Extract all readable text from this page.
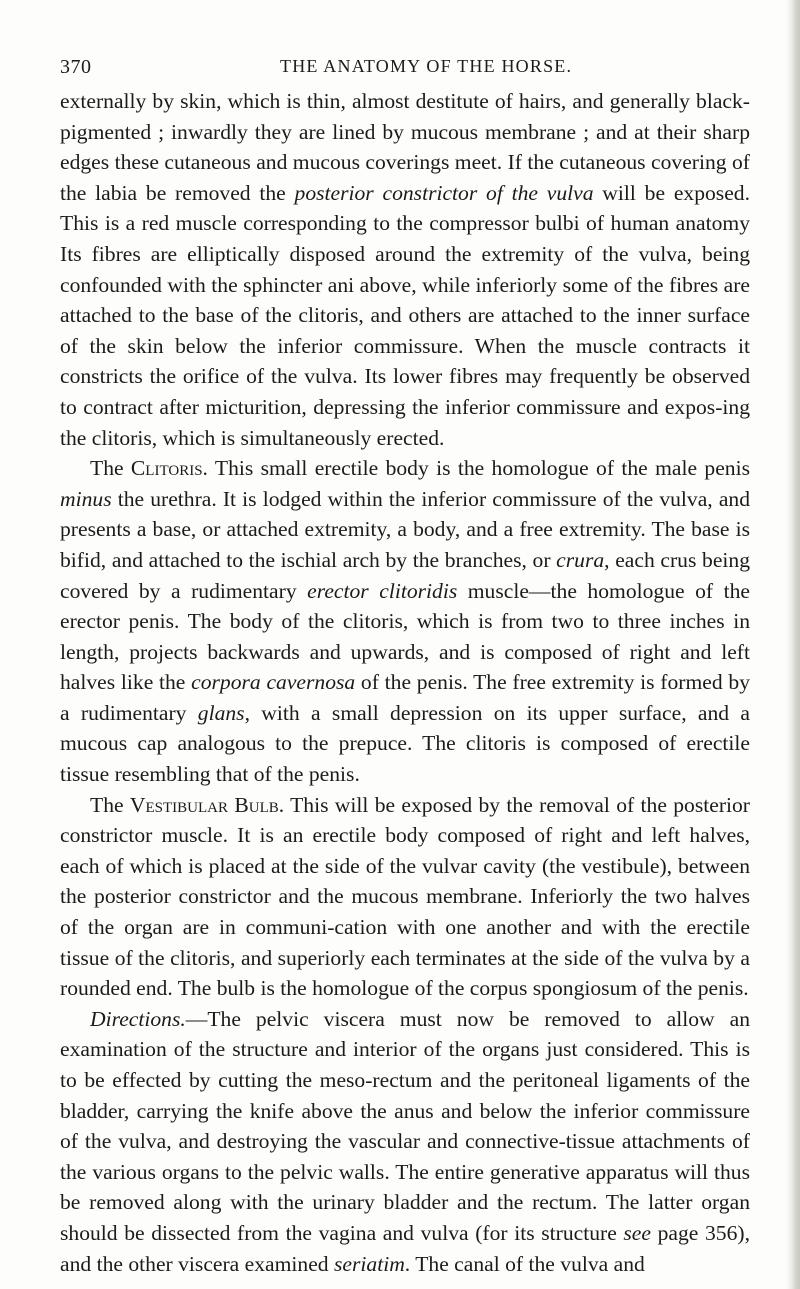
370	THE ANATOMY OF THE HORSE.

externally by skin, which is thin, almost destitute of hairs, and generally black-pigmented ; inwardly they are lined by mucous membrane ; and at their sharp edges these cutaneous and mucous coverings meet. If the cutaneous covering of the labia be removed the posterior constrictor of the vulva will be exposed. This is a red muscle corresponding to the compressor bulbi of human anatomy Its fibres are elliptically disposed around the extremity of the vulva, being confounded with the sphincter ani above, while inferiorly some of the fibres are attached to the base of the clitoris, and others are attached to the inner surface of the skin below the inferior commissure. When the muscle contracts it constricts the orifice of the vulva. Its lower fibres may frequently be observed to contract after micturition, depressing the inferior commissure and expos-ing the clitoris, which is simultaneously erected.

The Clitoris. This small erectile body is the homologue of the male penis minus the urethra. It is lodged within the inferior commissure of the vulva, and presents a base, or attached extremity, a body, and a free extremity. The base is bifid, and attached to the ischial arch by the branches, or crura, each crus being covered by a rudimentary erector clitoridis muscle—the homologue of the erector penis. The body of the clitoris, which is from two to three inches in length, projects backwards and upwards, and is composed of right and left halves like the corpora cavernosa of the penis. The free extremity is formed by a rudimentary glans, with a small depression on its upper surface, and a mucous cap analogous to the prepuce. The clitoris is composed of erectile tissue resembling that of the penis.

The Vestibular Bulb. This will be exposed by the removal of the posterior constrictor muscle. It is an erectile body composed of right and left halves, each of which is placed at the side of the vulvar cavity (the vestibule), between the posterior constrictor and the mucous membrane. Inferiorly the two halves of the organ are in communi-cation with one another and with the erectile tissue of the clitoris, and superiorly each terminates at the side of the vulva by a rounded end. The bulb is the homologue of the corpus spongiosum of the penis.

Directions.—The pelvic viscera must now be removed to allow an examination of the structure and interior of the organs just considered. This is to be effected by cutting the meso-rectum and the peritoneal ligaments of the bladder, carrying the knife above the anus and below the inferior commissure of the vulva, and destroying the vascular and connective-tissue attachments of the various organs to the pelvic walls. The entire generative apparatus will thus be removed along with the urinary bladder and the rectum. The latter organ should be dissected from the vagina and vulva (for its structure see page 356), and the other viscera examined seriatim. The canal of the vulva and
